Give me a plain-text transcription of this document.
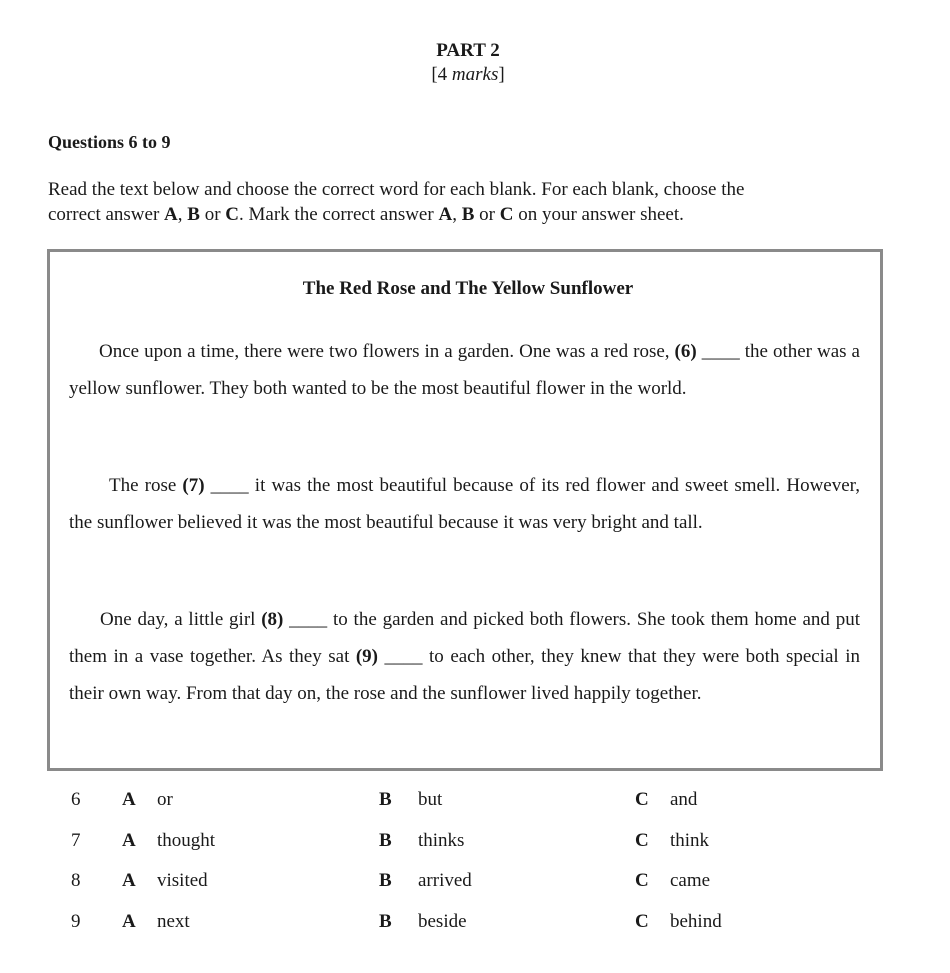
PART 2
[4 marks]
Questions 6 to 9
Read the text below and choose the correct word for each blank. For each blank, choose the
correct answer A, B or C. Mark the correct answer A, B or C on your answer sheet.
The Red Rose and The Yellow Sunflower
Once upon a time, there were two flowers in a garden. One was a red rose, (6) ____ the other was a yellow sunflower. They both wanted to be the most beautiful flower in the world.
The rose (7) ____ it was the most beautiful because of its red flower and sweet smell. However, the sunflower believed it was the most beautiful because it was very bright and tall.
One day, a little girl (8) ____ to the garden and picked both flowers. She took them home and put them in a vase together. As they sat (9) ____ to each other, they knew that they were both special in their own way. From that day on, the rose and the sunflower lived happily together.
6 A or	B but	C and
7 A thought	B thinks	C think
8 A visited	B arrived	C came
9 A next	B beside	C behind
